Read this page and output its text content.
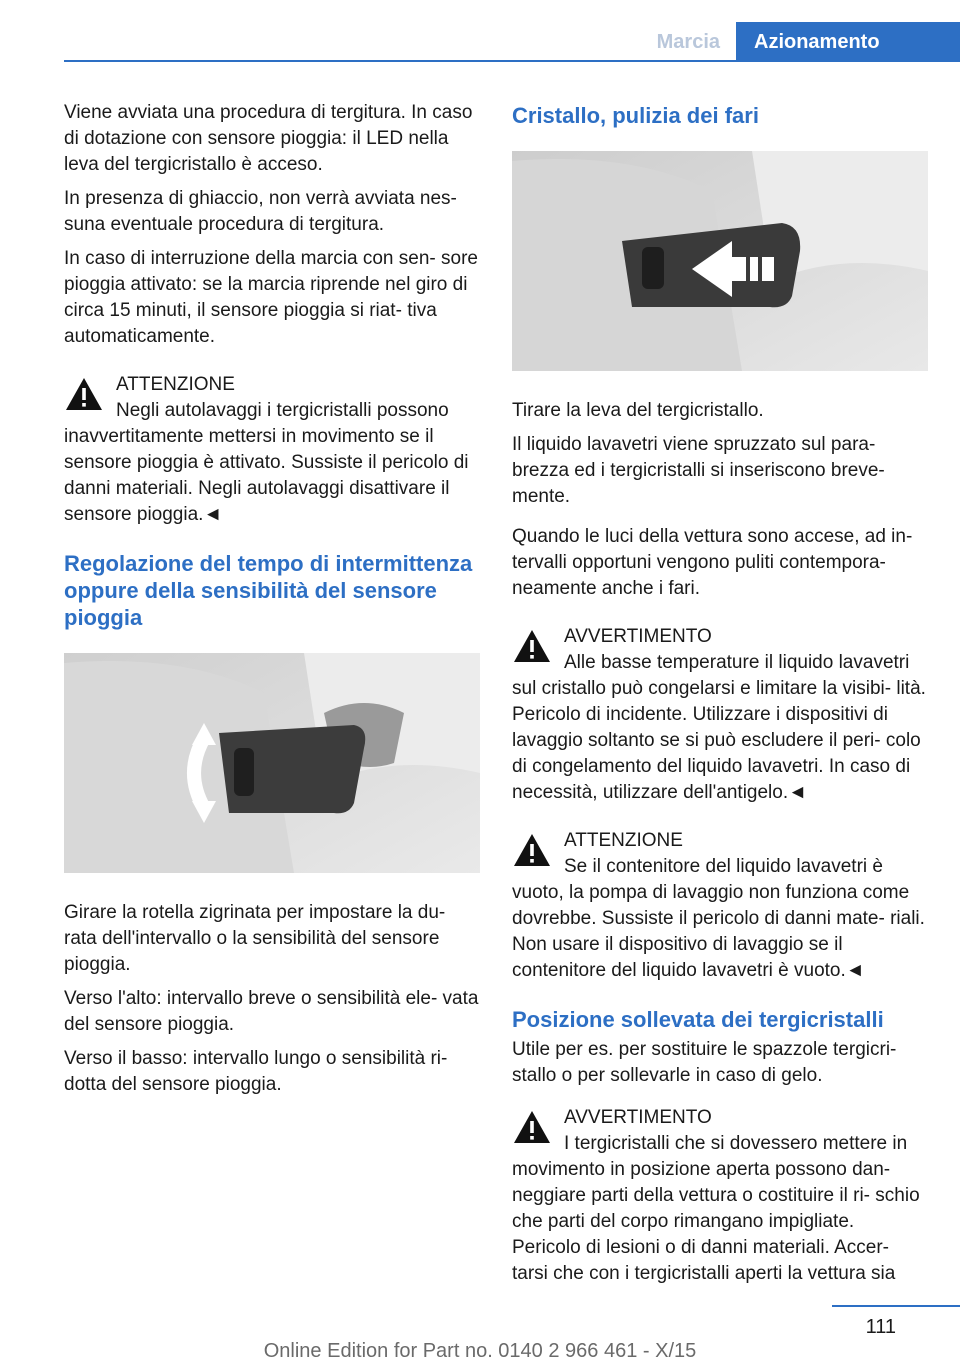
Marcia	Azionamento

Viene avviata una procedura di tergitura. In caso di dotazione con sensore pioggia: il LED nella leva del tergicristallo è acceso.

In presenza di ghiaccio, non verrà avviata nes- suna eventuale procedura di tergitura.

In caso di interruzione della marcia con sen- sore pioggia attivato: se la marcia riprende nel giro di circa 15 minuti, il sensore pioggia si riat- tiva automaticamente.

ATTENZIONE

Negli autolavaggi i tergicristalli possono inavvertitamente mettersi in movimento se il sensore pioggia è attivato. Sussiste il pericolo di danni materiali. Negli autolavaggi disattivare il sensore pioggia.◄

Regolazione del tempo di intermittenza oppure della sensibilità del sensore pioggia

Girare la rotella zigrinata per impostare la du- rata dell'intervallo o la sensibilità del sensore pioggia.

Verso l'alto: intervallo breve o sensibilità ele- vata del sensore pioggia.

Verso il basso: intervallo lungo o sensibilità ri- dotta del sensore pioggia.

Cristallo, pulizia dei fari

Tirare la leva del tergicristallo.

Il liquido lavavetri viene spruzzato sul para- brezza ed i tergicristalli si inseriscono breve- mente.

Quando le luci della vettura sono accese, ad in- tervalli opportuni vengono puliti contempora- neamente anche i fari.

AVVERTIMENTO

Alle basse temperature il liquido lavavetri sul cristallo può congelarsi e limitare la visibi- lità. Pericolo di incidente. Utilizzare i dispositivi di lavaggio soltanto se si può escludere il peri- colo di congelamento del liquido lavavetri. In caso di necessità, utilizzare dell'antigelo.◄

ATTENZIONE

Se il contenitore del liquido lavavetri è vuoto, la pompa di lavaggio non funziona come dovrebbe. Sussiste il pericolo di danni mate- riali. Non usare il dispositivo di lavaggio se il contenitore del liquido lavavetri è vuoto.◄

Posizione sollevata dei tergicristalli

Utile per es. per sostituire le spazzole tergicri- stallo o per sollevarle in caso di gelo.

AVVERTIMENTO

I tergicristalli che si dovessero mettere in movimento in posizione aperta possono dan- neggiare parti della vettura o costituire il ri- schio che parti del corpo rimangano impigliate. Pericolo di lesioni o di danni materiali. Accer- tarsi che con i tergicristalli aperti la vettura sia

111
Online Edition for Part no. 0140 2 966 461 - X/15
